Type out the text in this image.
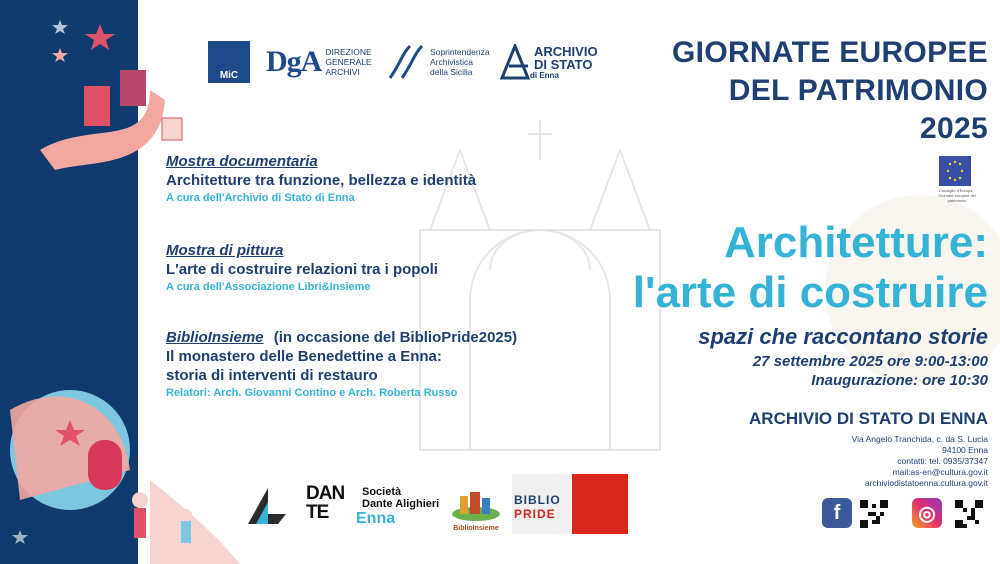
MiC DgA DIREZIONE
GENERALE
ARCHIVI
Soprintendenza
Archivistica
della Sicilia
ARCHIVIO
DI STATO
di Enna
GIORNATE EUROPEE
DEL PATRIMONIO
2025
Consiglio d'Europa · Giornate europee del patrimonio
Architetture:
l'arte di costruire
spazi che raccontano storie
27 settembre 2025 ore 9:00-13:00
Inaugurazione: ore 10:30
Mostra documentaria
Architetture tra funzione, bellezza e identità
A cura dell'Archivio di Stato di Enna
Mostra di pittura
L'arte di costruire relazioni tra i popoli
A cura dell'Associazione Libri&Insieme
BiblioInsieme (in occasione del BiblioPride2025)
Il monastero delle Benedettine a Enna:
storia di interventi di restauro
Relatori: Arch. Giovanni Contino e Arch. Roberta Russo
ARCHIVIO DI STATO DI ENNA
Via Angelo Tranchida, c. da S. Lucia
94100 Enna
contatti: tel. 0935/37347
mail:as-en@cultura.gov.it
archiviodistatoenna.cultura.gov.it
DAN
TE
Società
Dante Alighieri
Enna
BiblioInsieme
BIBLIO
PRIDE	f	◎
